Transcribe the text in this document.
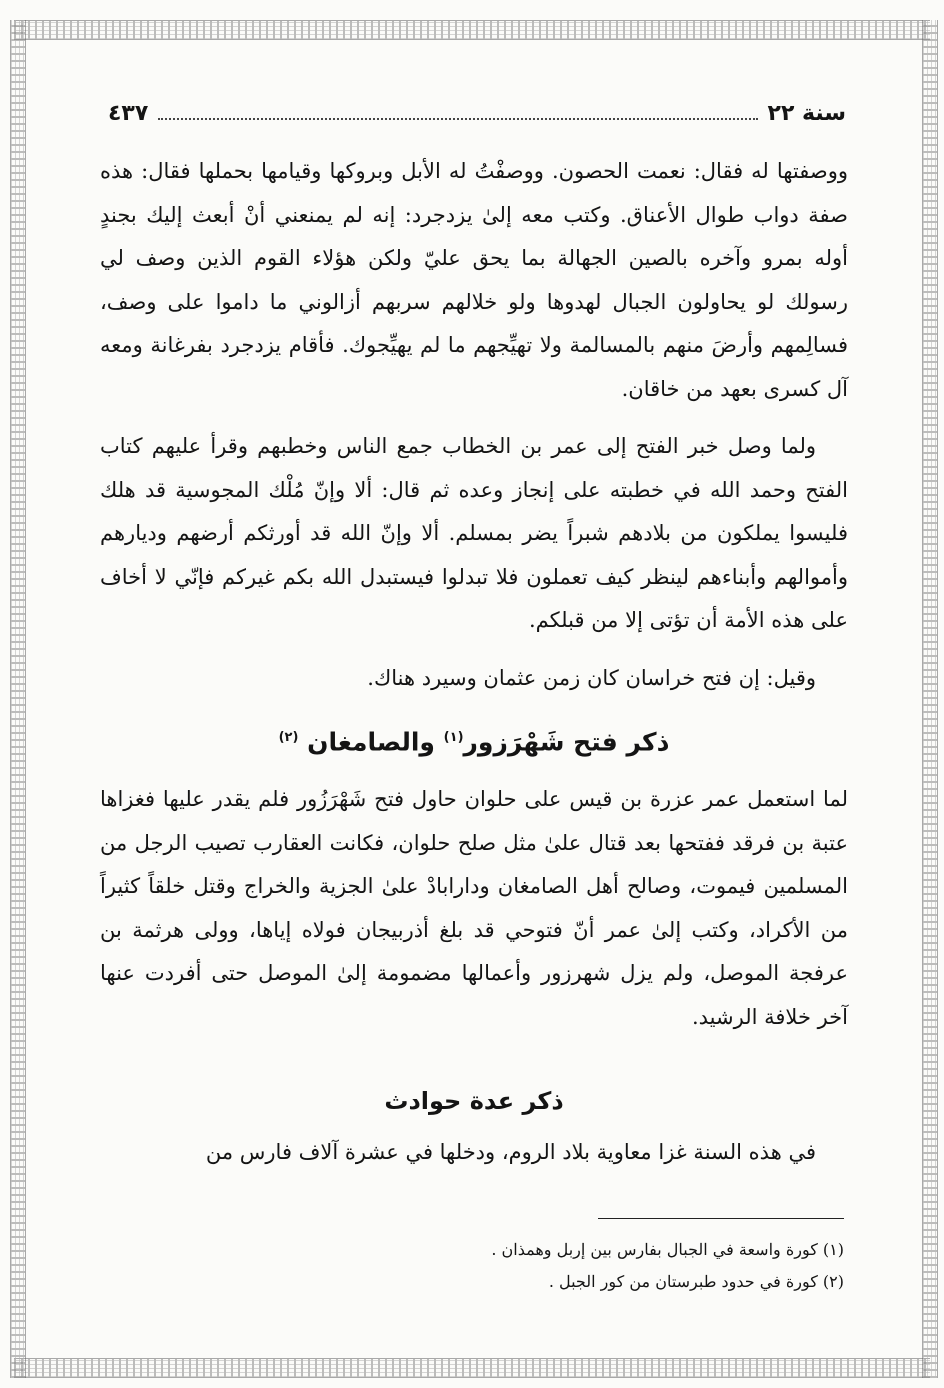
سنة ٢٢
٤٣٧

ووصفتها له فقال: نعمت الحصون. ووصفْتُ له الأبل وبروكها وقيامها بحملها فقال: هذه صفة دواب طوال الأعناق. وكتب معه إلىٰ يزدجرد: إنه لم يمنعني أنْ أبعث إليك بجندٍ أوله بمرو وآخره بالصين الجهالة بما يحق عليّ ولكن هؤلاء القوم الذين وصف لي رسولك لو يحاولون الجبال لهدوها ولو خلالهم سربهم أزالوني ما داموا على وصف، فسالِمهم وأرضَ منهم بالمسالمة ولا تهيِّجهم ما لم يهيِّجوك. فأقام يزدجرد بفرغانة ومعه آل كسرى بعهد من خاقان.

ولما وصل خبر الفتح إلى عمر بن الخطاب جمع الناس وخطبهم وقرأ عليهم كتاب الفتح وحمد الله في خطبته على إنجاز وعده ثم قال: ألا وإنّ مُلْك المجوسية قد هلك فليسوا يملكون من بلادهم شبراً يضر بمسلم. ألا وإنّ الله قد أورثكم أرضهم وديارهم وأموالهم وأبناءهم لينظر كيف تعملون فلا تبدلوا فيستبدل الله بكم غيركم فإنّي لا أخاف على هذه الأمة أن تؤتى إلا من قبلكم.

وقيل: إن فتح خراسان كان زمن عثمان وسيرد هناك.

ذكر فتح شَهْرَزور$^{(١)}$ والصامغان $^{(٢)}$

لما استعمل عمر عزرة بن قيس على حلوان حاول فتح شَهْرَزُور فلم يقدر عليها فغزاها عتبة بن فرقد ففتحها بعد قتال علىٰ مثل صلح حلوان، فكانت العقارب تصيب الرجل من المسلمين فيموت، وصالح أهل الصامغان ودارابادْ علىٰ الجزية والخراج وقتل خلقاً كثيراً من الأكراد، وكتب إلىٰ عمر أنّ فتوحي قد بلغ أذربيجان فولاه إياها، وولى هرثمة بن عرفجة الموصل، ولم يزل شهرزور وأعمالها مضمومة إلىٰ الموصل حتى أفردت عنها آخر خلافة الرشيد.

ذكر عدة حوادث

في هذه السنة غزا معاوية بلاد الروم، ودخلها في عشرة آلاف فارس من

(١) كورة واسعة في الجبال بفارس بين إربل وهمذان .

(٢) كورة في حدود طبرستان من كور الجبل .
